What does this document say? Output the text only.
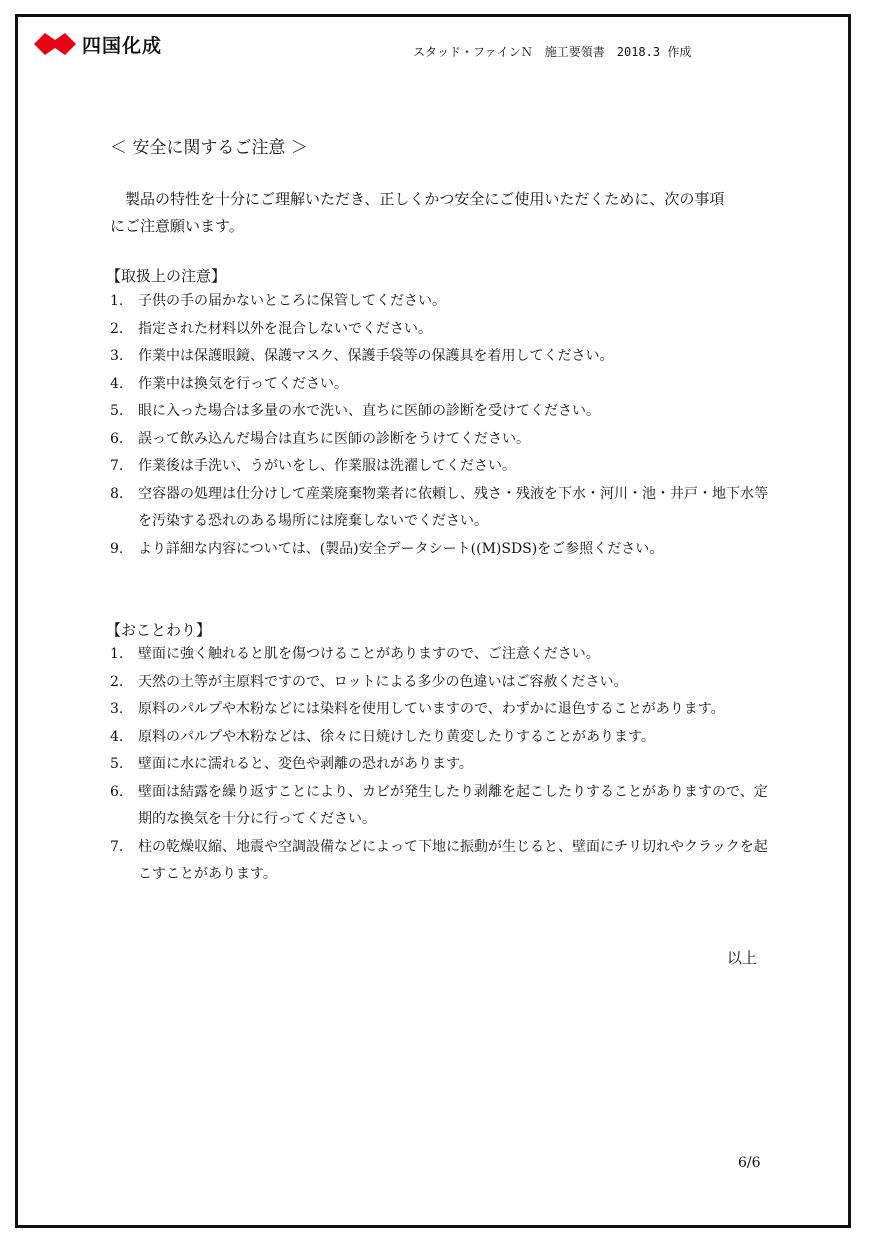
四国化成	スタッド・ファインＮ　施工要領書　2018.3 作成
＜ 安全に関するご注意 ＞
製品の特性を十分にご理解いただき、正しくかつ安全にご使用いただくために、次の事項
にご注意願います。
【取扱上の注意】
1.	子供の手の届かないところに保管してください。
2.	指定された材料以外を混合しないでください。
3.	作業中は保護眼鏡、保護マスク、保護手袋等の保護具を着用してください。
4.	作業中は換気を行ってください。
5.	眼に入った場合は多量の水で洗い、直ちに医師の診断を受けてください。
6.	誤って飲み込んだ場合は直ちに医師の診断をうけてください。
7.	作業後は手洗い、うがいをし、作業服は洗濯してください。
8.	空容器の処理は仕分けして産業廃棄物業者に依頼し、残さ・残液を下水・河川・池・井戸・地下水等を汚染する恐れのある場所には廃棄しないでください。
9.	より詳細な内容については、(製品)安全データシート((M)SDS)をご参照ください。
【おことわり】
1.	壁面に強く触れると肌を傷つけることがありますので、ご注意ください。
2.	天然の土等が主原料ですので、ロットによる多少の色違いはご容赦ください。
3.	原料のパルプや木粉などには染料を使用していますので、わずかに退色することがあります。
4.	原料のパルプや木粉などは、徐々に日焼けしたり黄変したりすることがあります。
5.	壁面に水に濡れると、変色や剥離の恐れがあります。
6.	壁面は結露を繰り返すことにより、カビが発生したり剥離を起こしたりすることがありますので、定期的な換気を十分に行ってください。
7.	柱の乾燥収縮、地震や空調設備などによって下地に振動が生じると、壁面にチリ切れやクラックを起こすことがあります。
以上
6/6
